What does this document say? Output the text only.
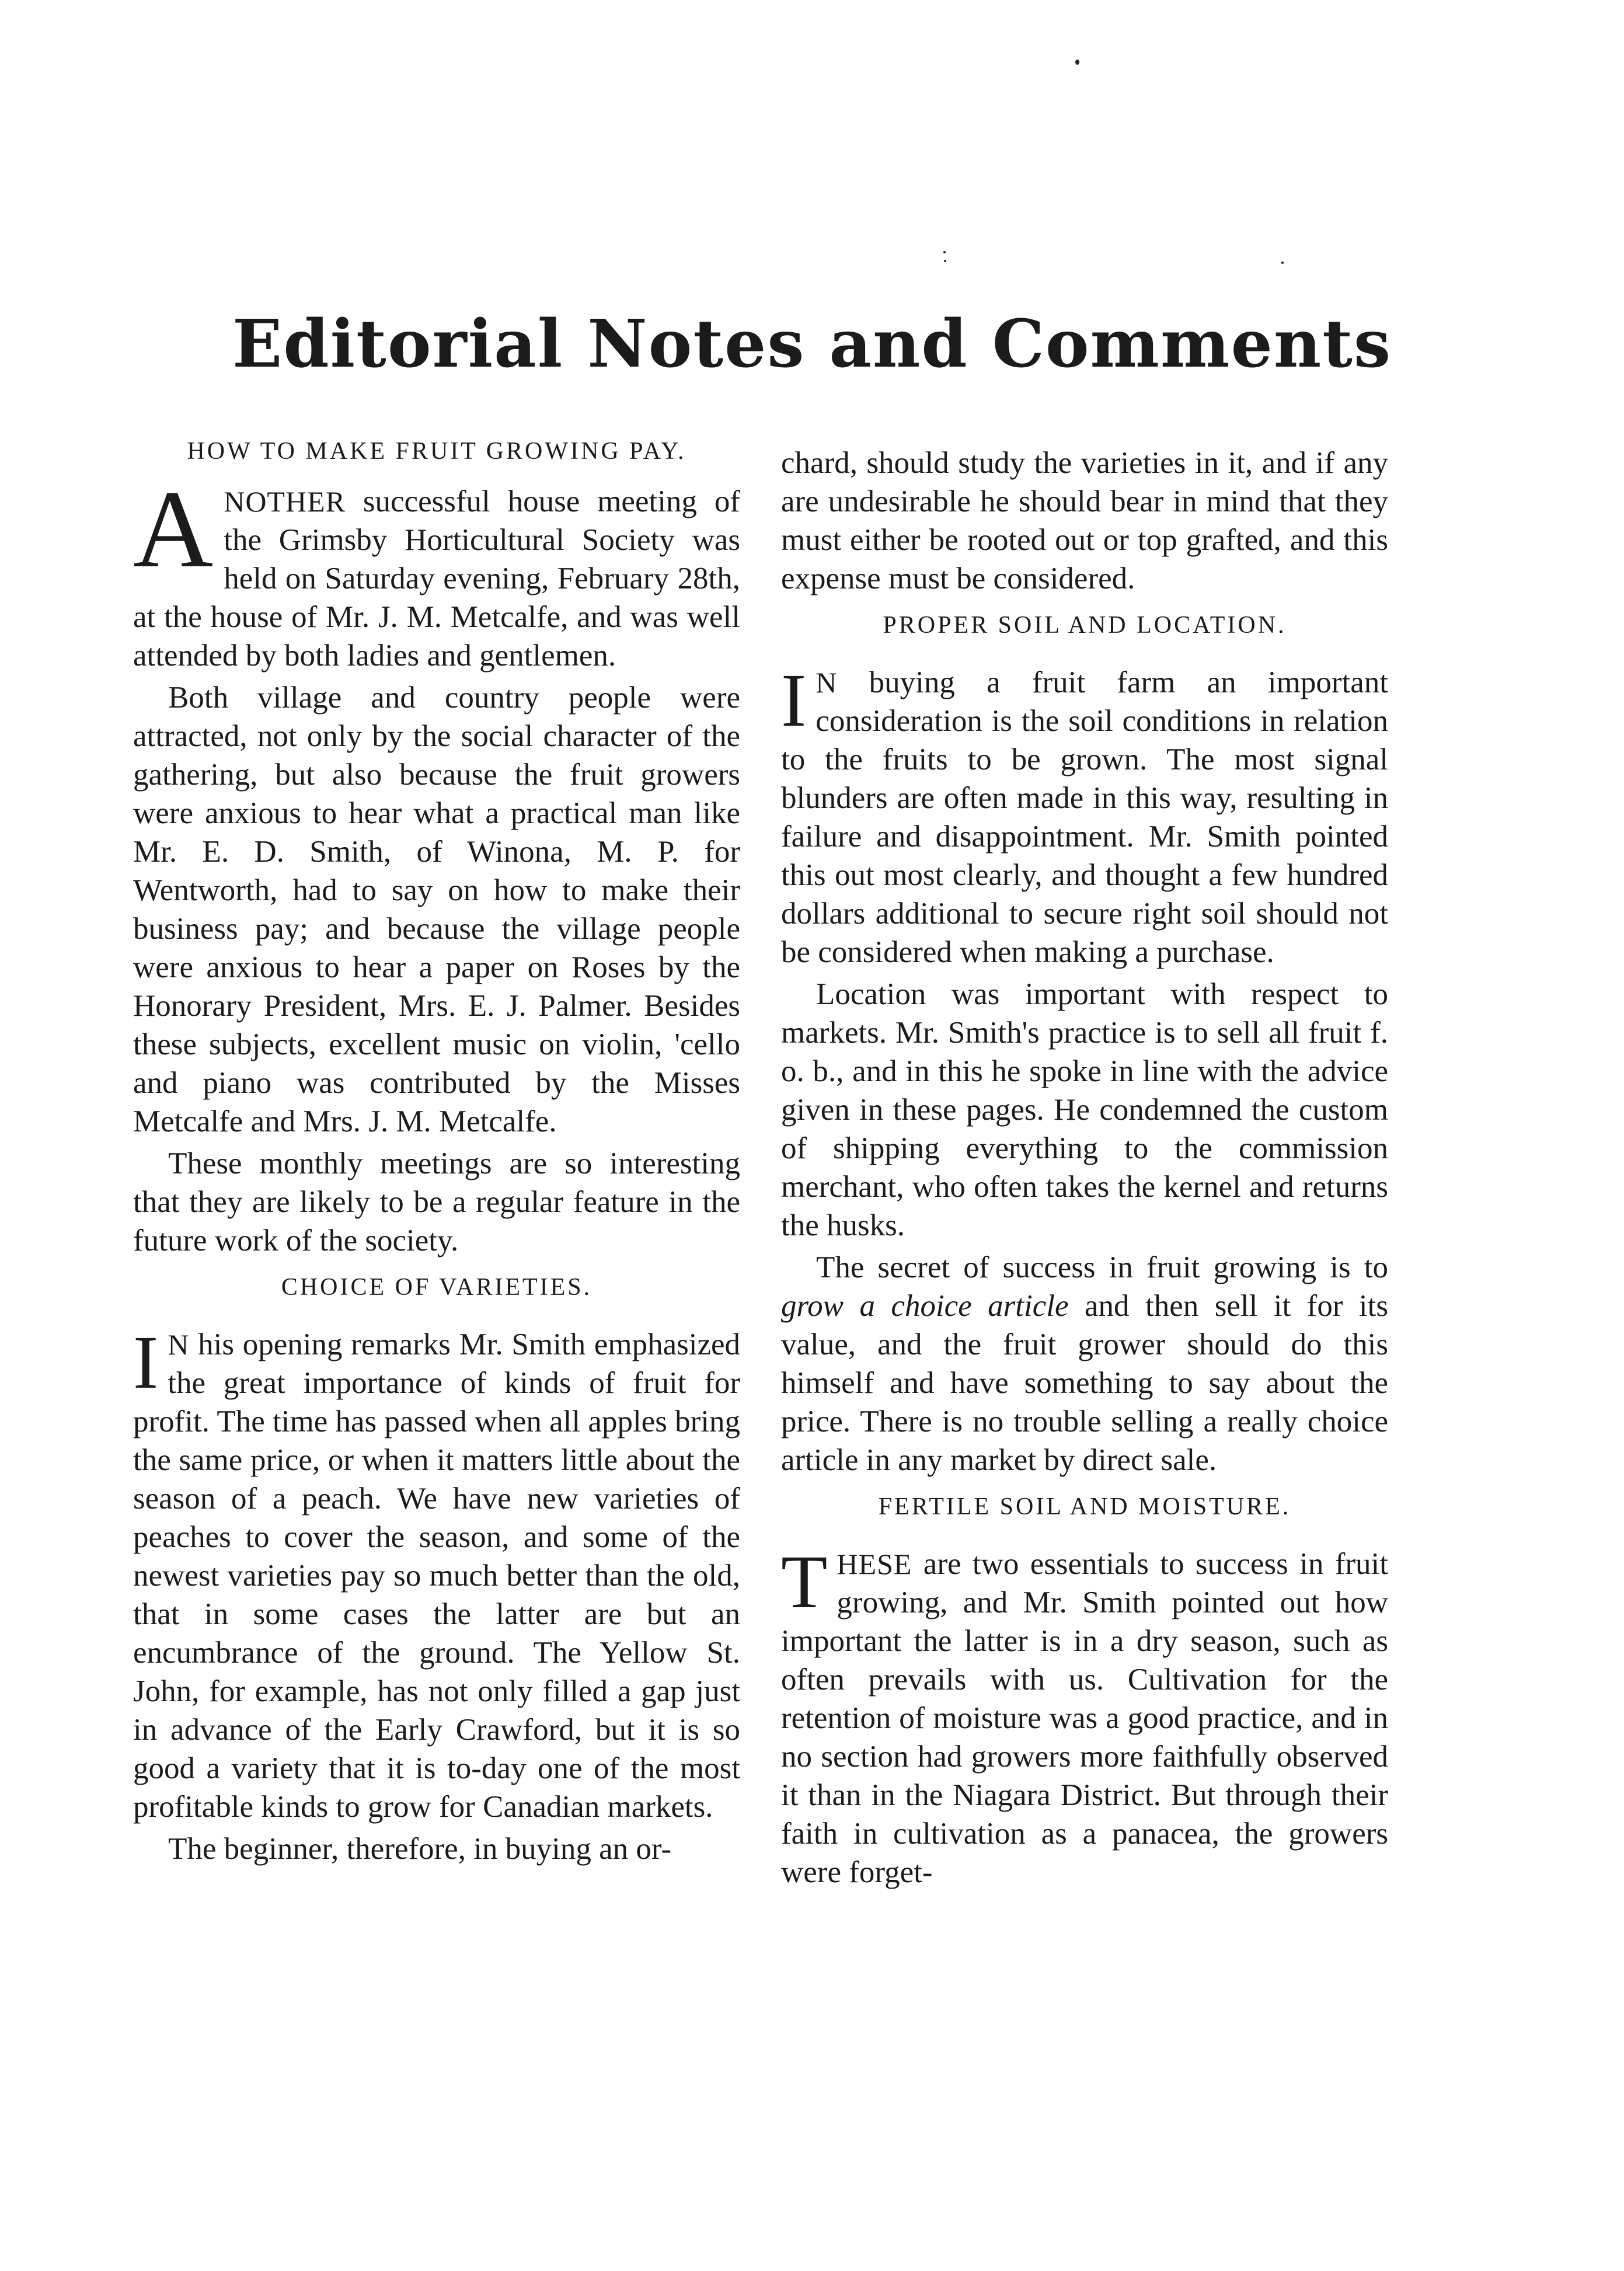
Editorial Notes and Comments
HOW TO MAKE FRUIT GROWING PAY.

ANOTHER successful house meeting of the Grimsby Horticultural Society was held on Saturday evening, February 28th, at the house of Mr. J. M. Metcalfe, and was well attended by both ladies and gentlemen.

Both village and country people were attracted, not only by the social character of the gathering, but also because the fruit growers were anxious to hear what a practical man like Mr. E. D. Smith, of Winona, M. P. for Wentworth, had to say on how to make their business pay; and because the village people were anxious to hear a paper on Roses by the Honorary President, Mrs. E. J. Palmer. Besides these subjects, excellent music on violin, 'cello and piano was contributed by the Misses Metcalfe and Mrs. J. M. Metcalfe.

These monthly meetings are so interesting that they are likely to be a regular feature in the future work of the society.

CHOICE OF VARIETIES.

I N his opening remarks Mr. Smith emphasized the great importance of kinds of fruit for profit. The time has passed when all apples bring the same price, or when it matters little about the season of a peach. We have new varieties of peaches to cover the season, and some of the newest varieties pay so much better than the old, that in some cases the latter are but an encumbrance of the ground. The Yellow St. John, for example, has not only filled a gap just in advance of the Early Crawford, but it is so good a variety that it is to-day one of the most profitable kinds to grow for Canadian markets.

The beginner, therefore, in buying an or-

chard, should study the varieties in it, and if any are undesirable he should bear in mind that they must either be rooted out or top grafted, and this expense must be considered.

PROPER SOIL AND LOCATION.

I N buying a fruit farm an important consideration is the soil conditions in relation to the fruits to be grown. The most signal blunders are often made in this way, resulting in failure and disappointment. Mr. Smith pointed this out most clearly, and thought a few hundred dollars additional to secure right soil should not be considered when making a purchase.

Location was important with respect to markets. Mr. Smith's practice is to sell all fruit f. o. b., and in this he spoke in line with the advice given in these pages. He condemned the custom of shipping everything to the commission merchant, who often takes the kernel and returns the husks.

The secret of success in fruit growing is to grow a choice article and then sell it for its value, and the fruit grower should do this himself and have something to say about the price. There is no trouble selling a really choice article in any market by direct sale.

FERTILE SOIL AND MOISTURE.

THESE are two essentials to success in fruit growing, and Mr. Smith pointed out how important the latter is in a dry season, such as often prevails with us. Cultivation for the retention of moisture was a good practice, and in no section had growers more faithfully observed it than in the Niagara District. But through their faith in cultivation as a panacea, the growers were forget-
